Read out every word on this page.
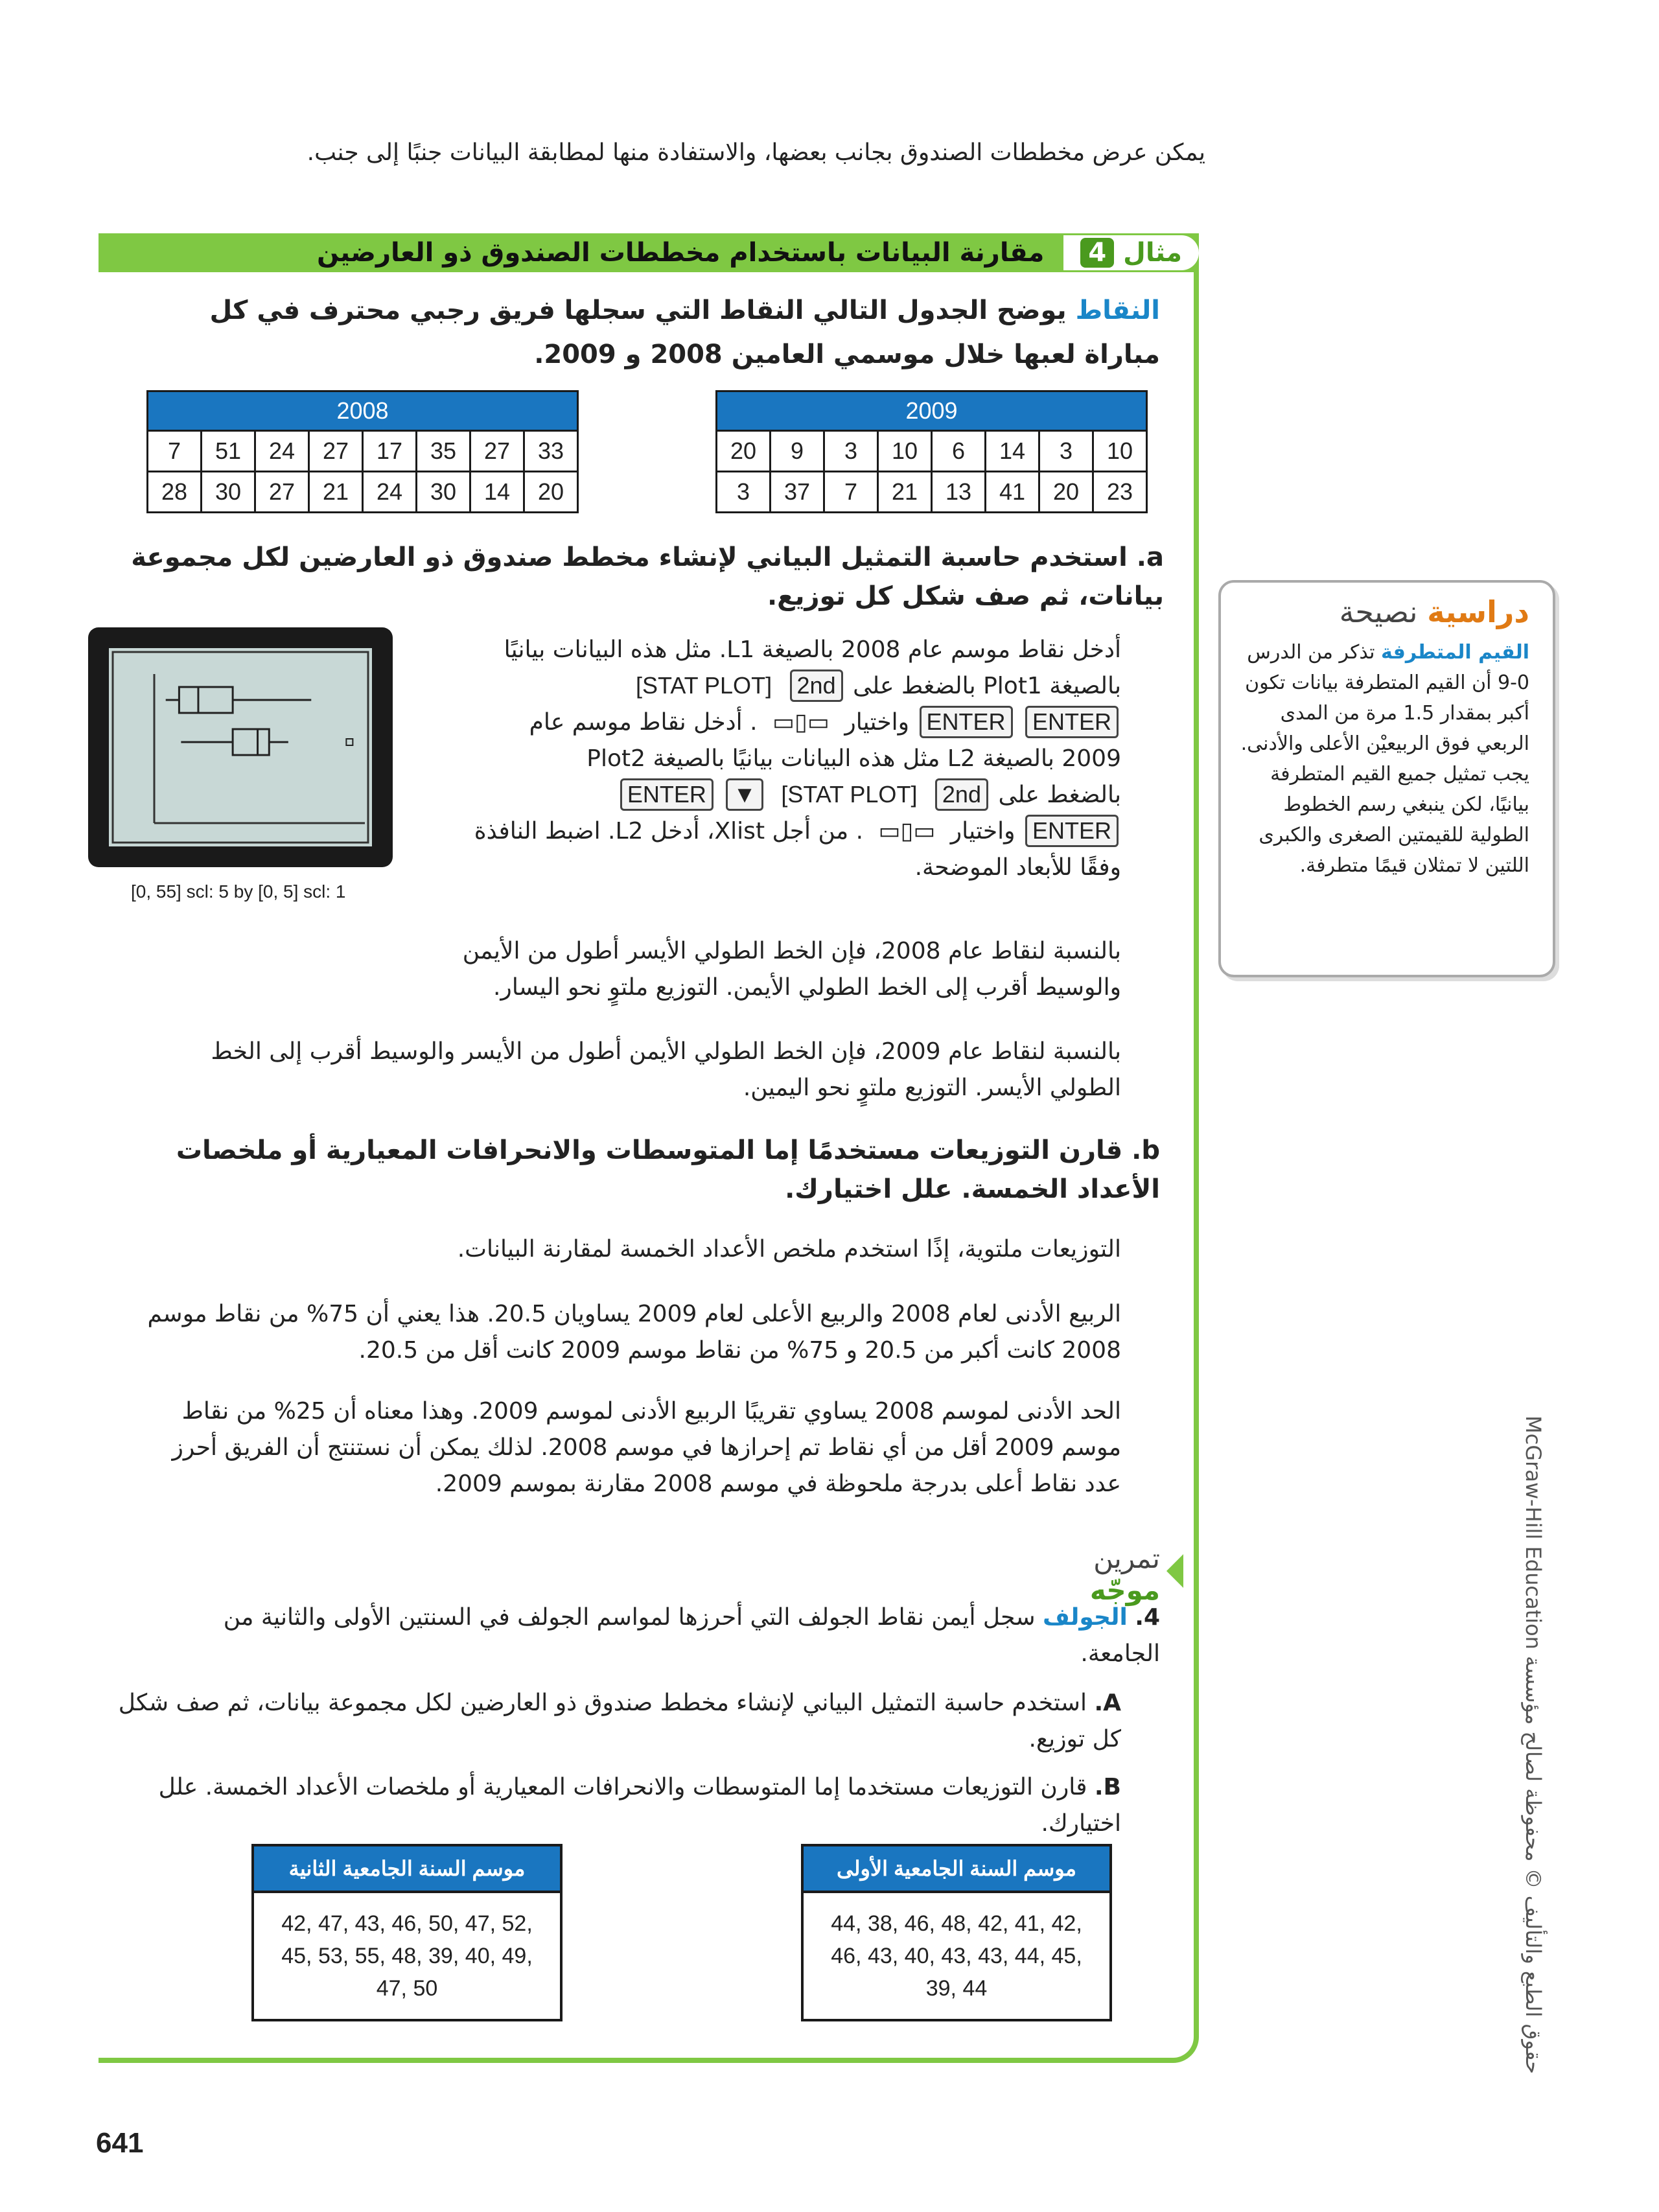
يمكن عرض مخططات الصندوق بجانب بعضها، والاستفادة منها لمطابقة البيانات جنبًا إلى جنب.
مقارنة البيانات باستخدام مخططات الصندوق ذو العارضين	4 مثال
النقاط يوضح الجدول التالي النقاط التي سجلها فريق رجبي محترف في كل مباراة لعبها خلال موسمي العامين 2008 و 2009.
2008							
7	51	24	27	17	35	27	33
28	30	27	21	24	30	14	20
2009							
20	9	3	10	6	14	3	10
3	37	7	21	13	41	20	23
a. استخدم حاسبة التمثيل البياني لإنشاء مخطط صندوق ذو العارضين لكل مجموعة بيانات، ثم صف شكل كل توزيع.
[0, 55] scl: 5 by [0, 5] scl: 1
أدخل نقاط موسم عام 2008 بالصيغة L1. مثل هذه البيانات بيانيًا
بالصيغة Plot1 بالضغط على 2nd [STAT PLOT]
ENTER ENTER واختيار ▭▯▭ . أدخل نقاط موسم عام
2009 بالصيغة L2 مثل هذه البيانات بيانيًا بالصيغة Plot2
بالضغط على 2nd [STAT PLOT] ▼ ENTER
ENTER واختيار ▭▯▭ . من أجل Xlist، أدخل L2. اضبط النافذة
وفقًا للأبعاد الموضحة.
بالنسبة لنقاط عام 2008، فإن الخط الطولي الأيسر أطول من الأيمن والوسيط أقرب إلى الخط الطولي الأيمن. التوزيع ملتوٍ نحو اليسار.
بالنسبة لنقاط عام 2009، فإن الخط الطولي الأيمن أطول من الأيسر والوسيط أقرب إلى الخط الطولي الأيسر. التوزيع ملتوٍ نحو اليمين.
b. قارن التوزيعات مستخدمًا إما المتوسطات والانحرافات المعيارية أو ملخصات الأعداد الخمسة. علل اختيارك.
التوزيعات ملتوية، إذًا استخدم ملخص الأعداد الخمسة لمقارنة البيانات.
الربيع الأدنى لعام 2008 والربيع الأعلى لعام 2009 يساويان 20.5. هذا يعني أن 75% من نقاط موسم 2008 كانت أكبر من 20.5 و 75% من نقاط موسم 2009 كانت أقل من 20.5.
الحد الأدنى لموسم 2008 يساوي تقريبًا الربيع الأدنى لموسم 2009. وهذا معناه أن 25% من نقاط موسم 2009 أقل من أي نقاط تم إحرازها في موسم 2008. لذلك يمكن أن نستنتج أن الفريق أحرز عدد نقاط أعلى بدرجة ملحوظة في موسم 2008 مقارنة بموسم 2009.
دراسية نصيحة
القيم المتطرفة تذكر من الدرس 0-9 أن القيم المتطرفة بيانات تكون أكبر بمقدار 1.5 مرة من المدى الربعي فوق الربيعيْن الأعلى والأدنى. يجب تمثيل جميع القيم المتطرفة بيانيًا، لكن ينبغي رسم الخطوط الطولية للقيمتين الصغرى والكبرى اللتين لا تمثلان قيمًا متطرفة.
تمرين موجّه
4. الجولف سجل أيمن نقاط الجولف التي أحرزها لمواسم الجولف في السنتين الأولى والثانية من الجامعة.
A. استخدم حاسبة التمثيل البياني لإنشاء مخطط صندوق ذو العارضين لكل مجموعة بيانات، ثم صف شكل كل توزيع.
B. قارن التوزيعات مستخدما إما المتوسطات والانحرافات المعيارية أو ملخصات الأعداد الخمسة. علل اختيارك.
موسم السنة الجامعية الثانية
42, 47, 43, 46, 50, 47, 52, 45, 53, 55, 48, 39, 40, 49, 47, 50
موسم السنة الجامعية الأولى
44, 38, 46, 48, 42, 41, 42, 46, 43, 40, 43, 43, 44, 45, 39, 44
حقوق الطبع والتأليف © محفوظة لصالح مؤسسة McGraw-Hill Education
641
